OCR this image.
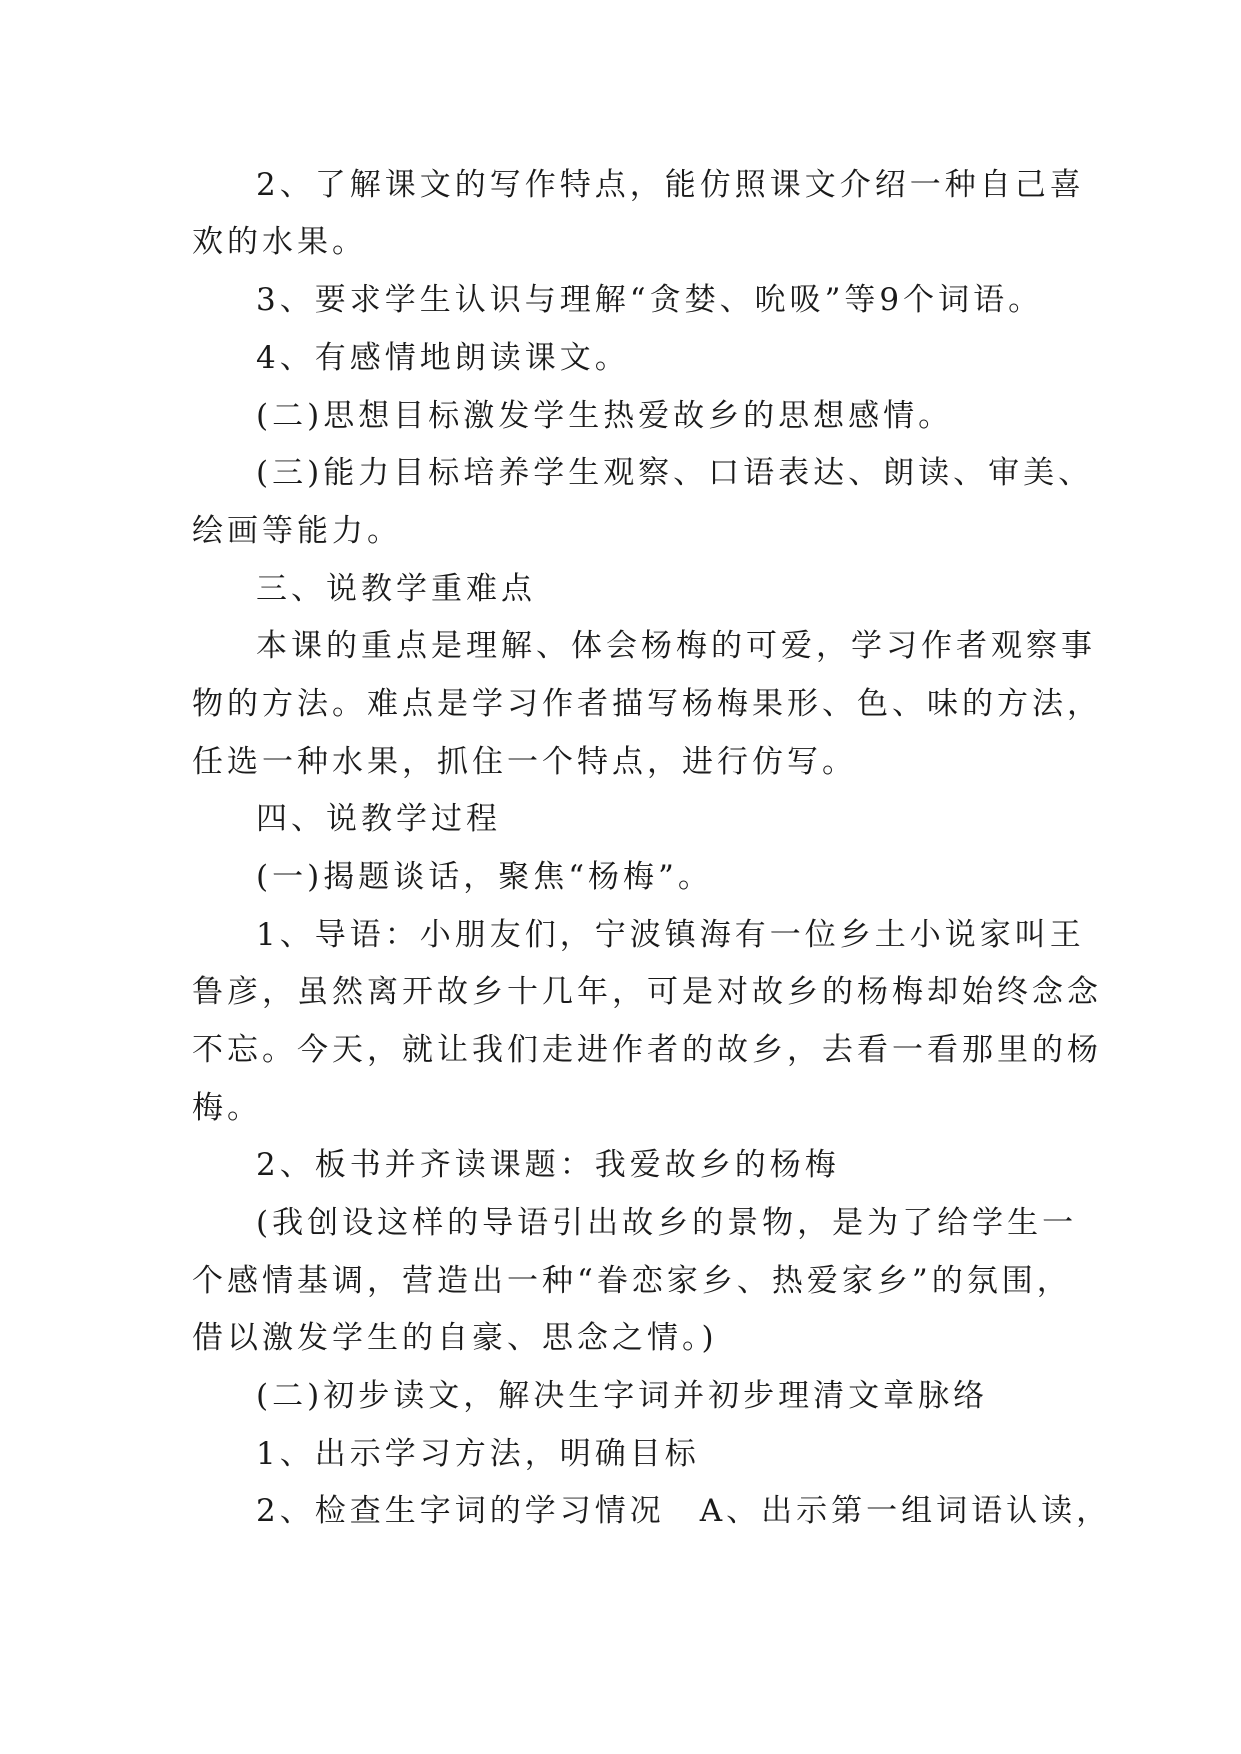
2、了解课文的写作特点，能仿照课文介绍一种自己喜
欢的水果。
3、要求学生认识与理解“贪婪、吮吸”等9个词语。
4、有感情地朗读课文。
(二)思想目标激发学生热爱故乡的思想感情。
(三)能力目标培养学生观察、口语表达、朗读、审美、
绘画等能力。
三、说教学重难点
本课的重点是理解、体会杨梅的可爱，学习作者观察事
物的方法。难点是学习作者描写杨梅果形、色、味的方法，
任选一种水果，抓住一个特点，进行仿写。
四、说教学过程
(一)揭题谈话，聚焦“杨梅”。
1、导语：小朋友们，宁波镇海有一位乡土小说家叫王
鲁彦，虽然离开故乡十几年，可是对故乡的杨梅却始终念念
不忘。今天，就让我们走进作者的故乡，去看一看那里的杨
梅。
2、板书并齐读课题：我爱故乡的杨梅
(我创设这样的导语引出故乡的景物，是为了给学生一
个感情基调，营造出一种“眷恋家乡、热爱家乡”的氛围，
借以激发学生的自豪、思念之情。)
(二)初步读文，解决生字词并初步理清文章脉络
1、出示学习方法，明确目标
2、检查生字词的学习情况　A、出示第一组词语认读，
